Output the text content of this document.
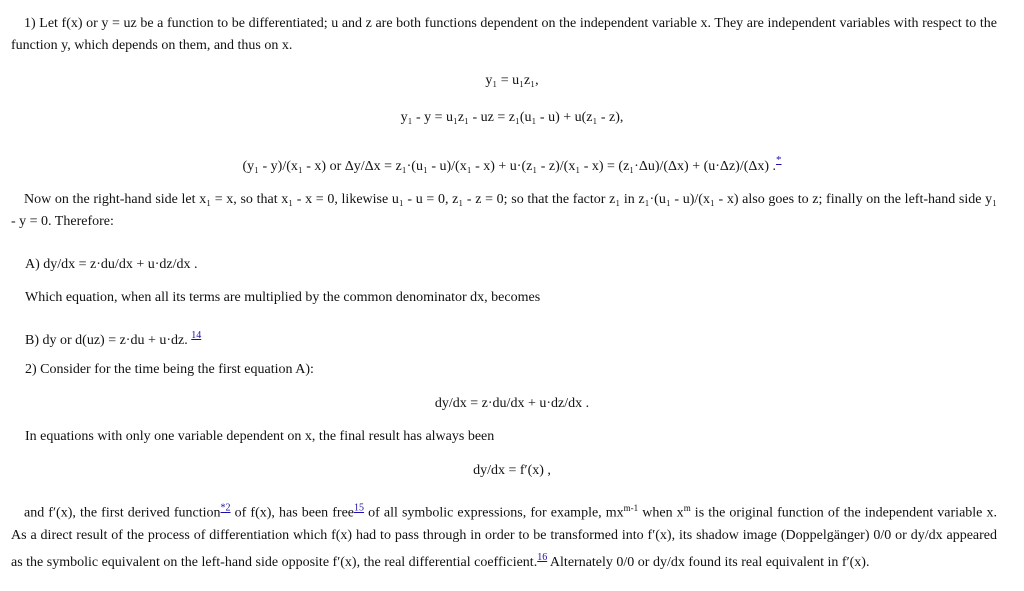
1) Let f(x) or y = uz be a function to be differentiated; u and z are both functions dependent on the independent variable x. They are independent variables with respect to the function y, which depends on them, and thus on x.

y₁ = u₁z₁,

y₁ - y = u₁z₁ - uz = z₁(u₁ - u) + u(z₁ - z),

(y₁ - y)/(x₁ - x) or Δy/Δx = z₁·(u₁ - u)/(x₁ - x) + u·(z₁ - z)/(x₁ - x) = (z₁·Δu)/(Δx) + (u·Δz)/(Δx) .*

Now on the right-hand side let x₁ = x, so that x₁ - x = 0, likewise u₁ - u = 0, z₁ - z = 0; so that the factor z₁ in z₁·(u₁ - u)/(x₁ - x) also goes to z; finally on the left-hand side y₁ - y = 0. Therefore:

A) dy/dx = z·du/dx + u·dz/dx .

Which equation, when all its terms are multiplied by the common denominator dx, becomes

B) dy or d(uz) = z·du + u·dz. $^{14}$

2) Consider for the time being the first equation A):

dy/dx = z·du/dx + u·dz/dx .

In equations with only one variable dependent on x, the final result has always been

dy/dx = f′(x) ,

and f′(x), the first derived function$^{*2}$ of f(x), has been free$^{15}$ of all symbolic expressions, for example, $mx^{m-1}$ when $x^m$ is the original function of the independent variable x. As a direct result of the process of differentiation which f(x) had to pass through in order to be transformed into f′(x), its shadow image (Doppelgänger) 0/0 or dy/dx appeared as the symbolic equivalent on the left-hand side opposite f′(x), the real differential coefficient.$^{16}$ Alternately 0/0 or dy/dx found its real equivalent in f′(x).
